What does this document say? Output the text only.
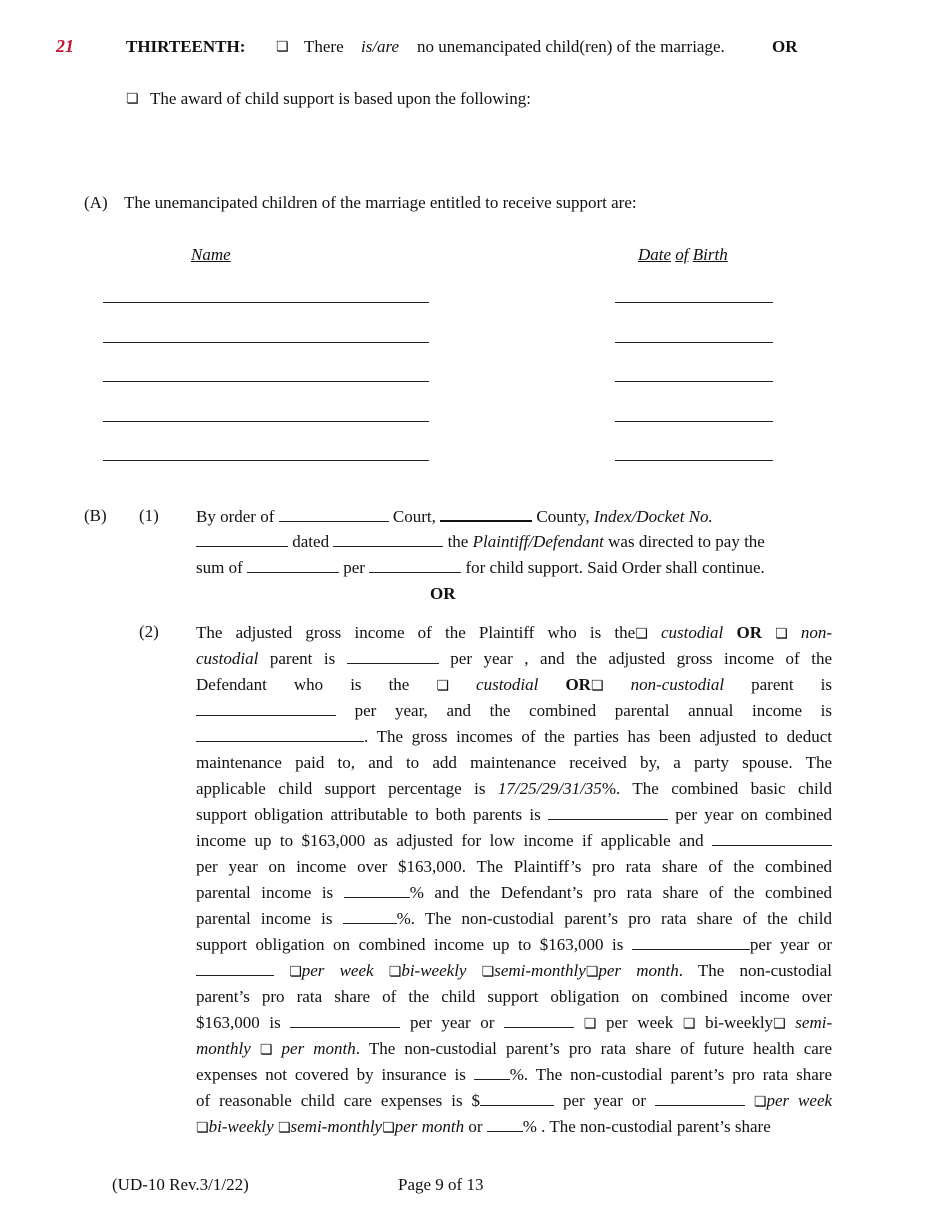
21	THIRTEENTH: ❏ There is/are no unemancipated child(ren) of the marriage.	OR
❏ The award of child support is based upon the following:
(A) The unemancipated children of the marriage entitled to receive support are:
Name	Date of Birth
(B) (1) By order of	Court,	County, Index/Docket No.
dated	the Plaintiff/Defendant was directed to pay the
sum of	per	for child support. Said Order shall continue.
OR
(2) The adjusted gross income of the Plaintiff who is the❏ custodial OR ❏ non-
custodial parent is	per year , and the adjusted gross income of the
Defendant who is the ❏ custodial OR❏ non-custodial parent is
per year, and the combined parental annual income is
. The gross incomes of the parties has been adjusted to deduct
maintenance paid to, and to add maintenance received by, a party spouse. The
applicable child support percentage is 17/25/29/31/35%. The combined basic child
support obligation attributable to both parents is	per year on combined
income up to $163,000 as adjusted for low income if applicable and
per year on income over $163,000. The Plaintiff’s pro rata share of the combined
parental income is	% and the Defendant’s pro rata share of the combined
parental income is	%. The non-custodial parent’s pro rata share of the child
support obligation on combined income up to $163,000 is	per year or
❏per week ❏bi-weekly ❏semi-monthly❏per month. The non-custodial
parent’s pro rata share of the child support obligation on combined income over
$163,000 is	per year or	❏ per week ❏ bi-weekly❏ semi-
monthly ❏ per month. The non-custodial parent’s pro rata share of future health care
expenses not covered by insurance is	%. The non-custodial parent’s pro rata share
of reasonable child care expenses is $	per year or	❏per week
❏bi-weekly ❏semi-monthly❏per month or % . The non-custodial parent’s share
(UD-10 Rev.3/1/22)	Page 9 of 13
